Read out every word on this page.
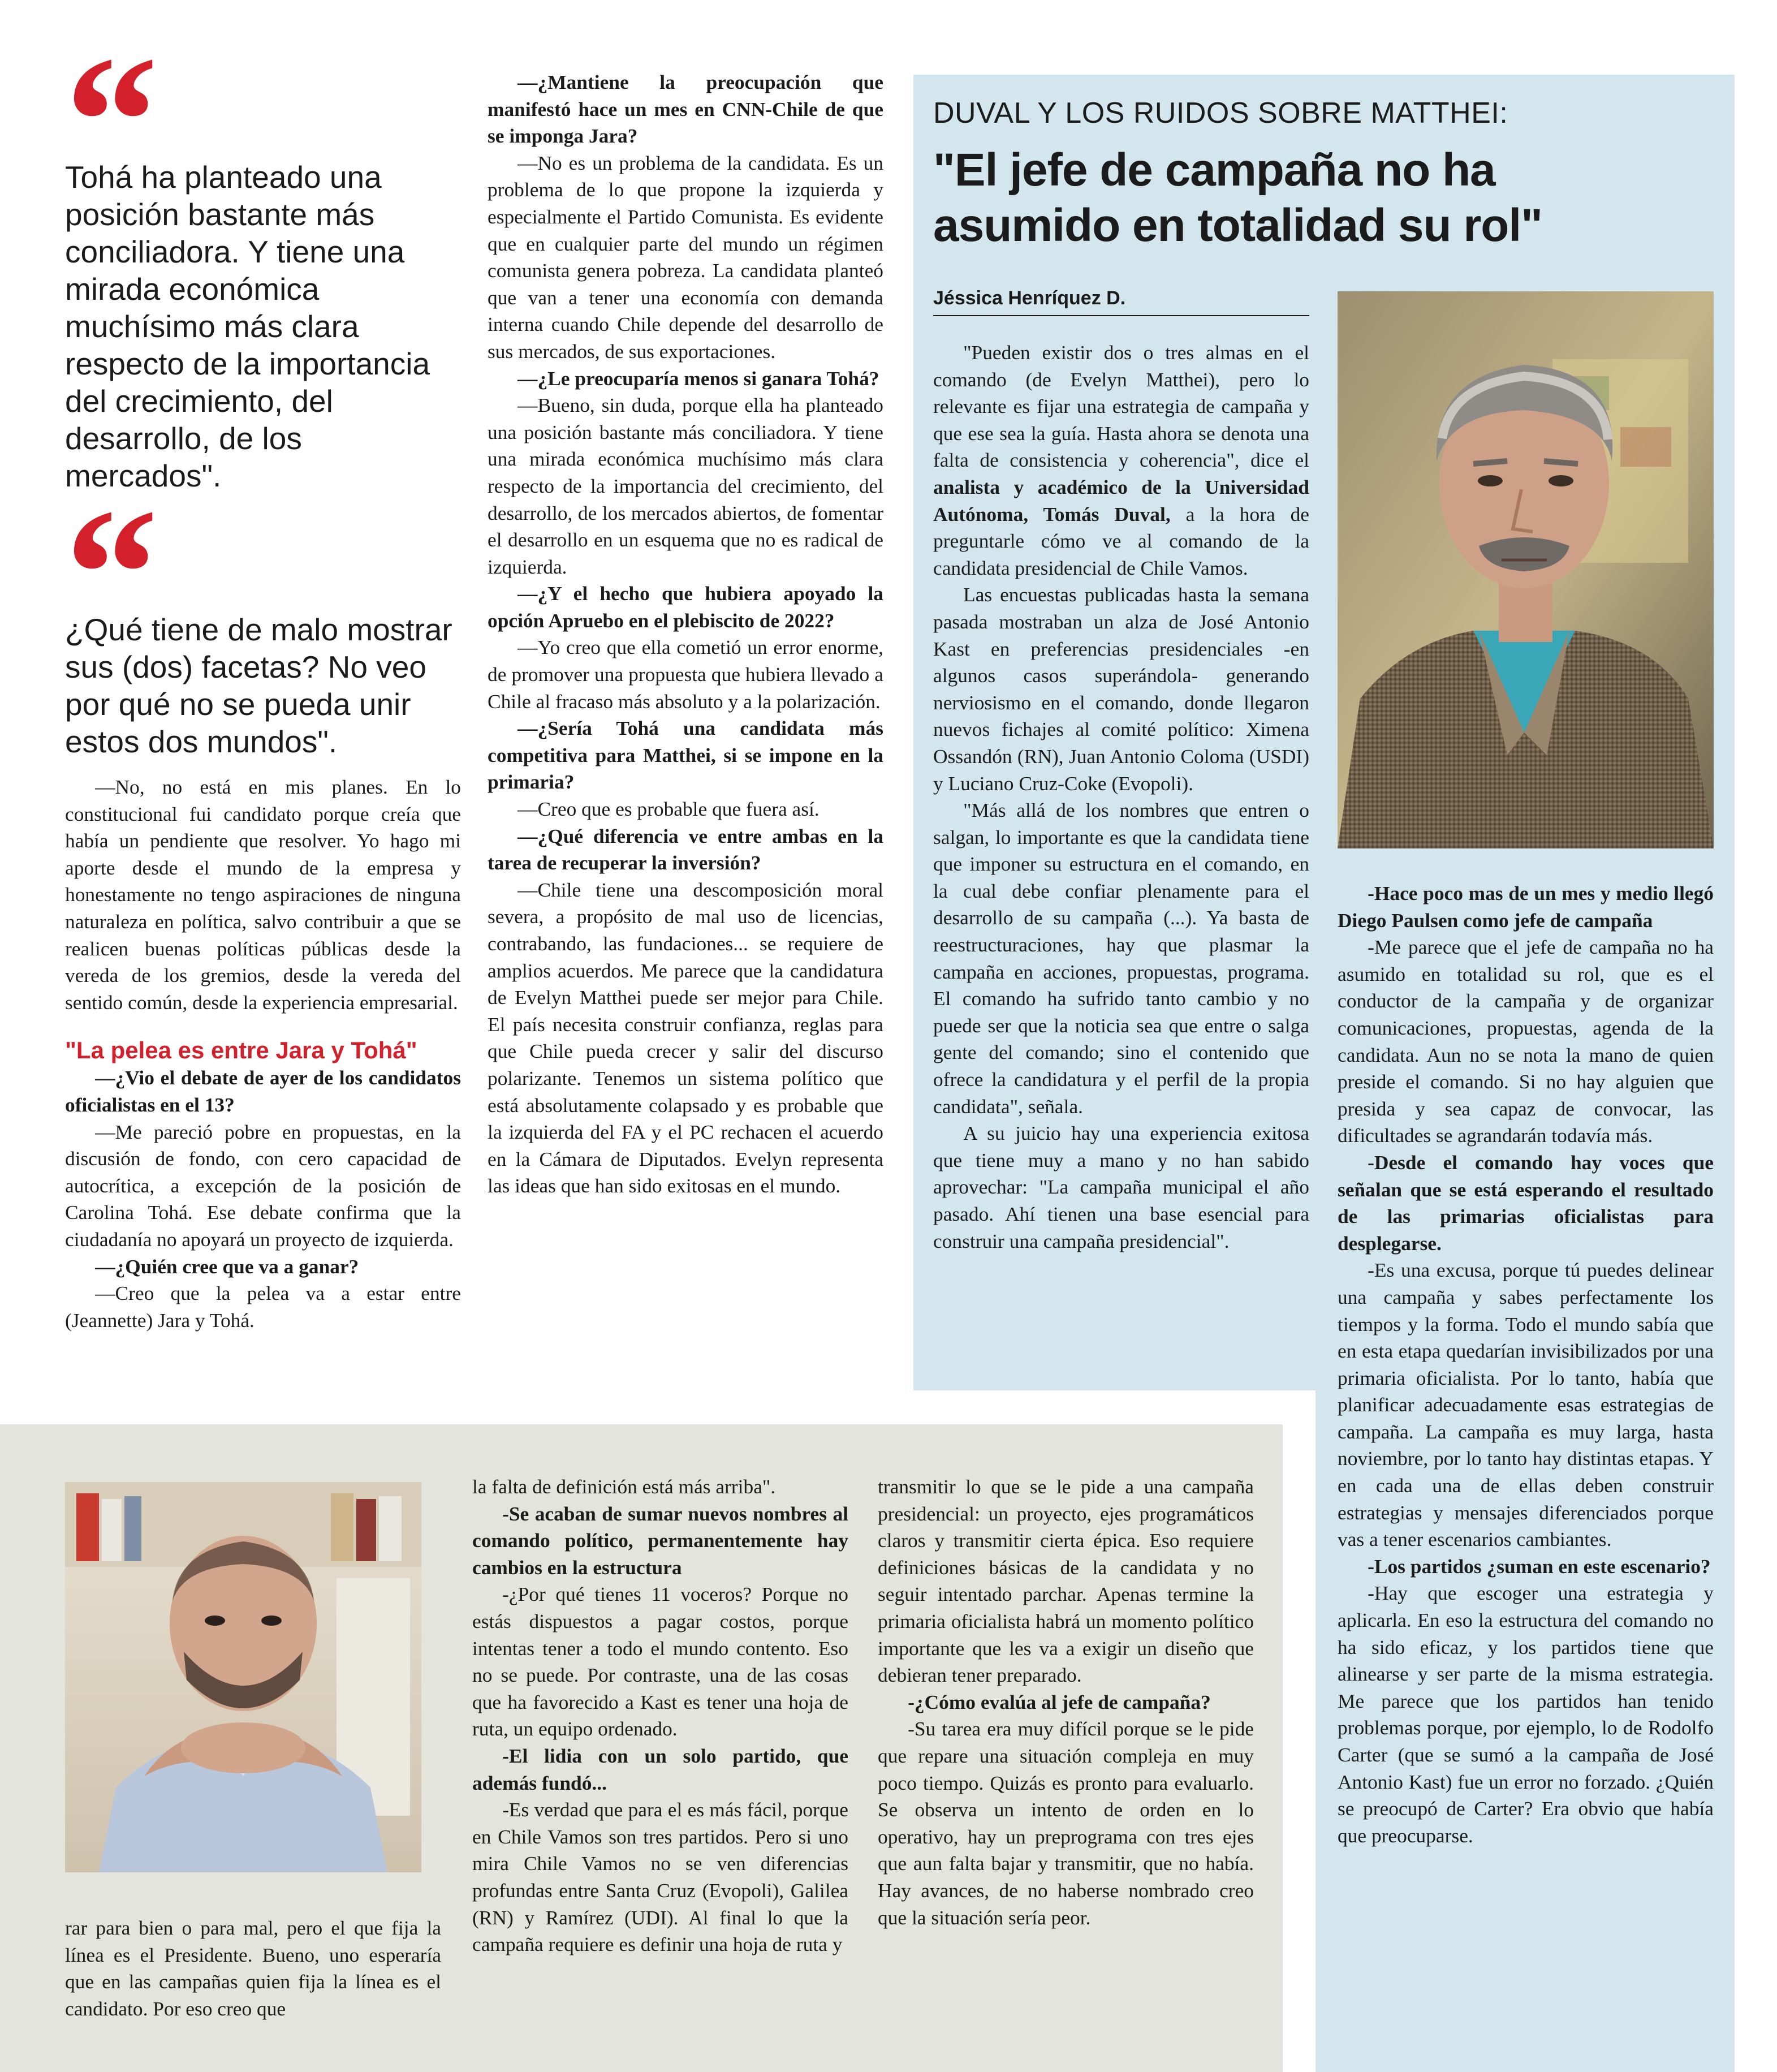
Tohá ha planteado una posición bastante más conciliadora. Y tiene una mirada económica muchísimo más clara respecto de la importancia del crecimiento, del desarrollo, de los mercados".
¿Qué tiene de malo mostrar sus (dos) facetas? No veo por qué no se pueda unir estos dos mundos".

—No, no está en mis planes. En lo constitucional fui candidato porque creía que había un pendiente que resolver. Yo hago mi aporte desde el mundo de la empresa y honestamente no tengo aspiraciones de ninguna naturaleza en política, salvo contribuir a que se realicen buenas políticas públicas desde la vereda de los gremios, desde la vereda del sentido común, desde la experiencia empresarial.

"La pelea es entre Jara y Tohá"

—¿Vio el debate de ayer de los candidatos oficialistas en el 13?

—Me pareció pobre en propuestas, en la discusión de fondo, con cero capacidad de autocrítica, a excepción de la posición de Carolina Tohá. Ese debate confirma que la ciudadanía no apoyará un proyecto de izquierda.

—¿Quién cree que va a ganar?

—Creo que la pelea va a estar entre (Jeannette) Jara y Tohá.

—¿Mantiene la preocupación que manifestó hace un mes en CNN-Chile de que se imponga Jara?

—No es un problema de la candidata. Es un problema de lo que propone la izquierda y especialmente el Partido Comunista. Es evidente que en cualquier parte del mundo un régimen comunista genera pobreza. La candidata planteó que van a tener una economía con demanda interna cuando Chile depende del desarrollo de sus mercados, de sus exportaciones.

—¿Le preocuparía menos si ganara Tohá?

—Bueno, sin duda, porque ella ha planteado una posición bastante más conciliadora. Y tiene una mirada económica muchísimo más clara respecto de la importancia del crecimiento, del desarrollo, de los mercados abiertos, de fomentar el desarrollo en un esquema que no es radical de izquierda.

—¿Y el hecho que hubiera apoyado la opción Apruebo en el plebiscito de 2022?

—Yo creo que ella cometió un error enorme, de promover una propuesta que hubiera llevado a Chile al fracaso más absoluto y a la polarización.

—¿Sería Tohá una candidata más competitiva para Matthei, si se impone en la primaria?

—Creo que es probable que fuera así.

—¿Qué diferencia ve entre ambas en la tarea de recuperar la inversión?

—Chile tiene una descomposición moral severa, a propósito de mal uso de licencias, contrabando, las fundaciones... se requiere de amplios acuerdos. Me parece que la candidatura de Evelyn Matthei puede ser mejor para Chile. El país necesita construir confianza, reglas para que Chile pueda crecer y salir del discurso polarizante. Tenemos un sistema político que está absolutamente colapsado y es probable que la izquierda del FA y el PC rechacen el acuerdo en la Cámara de Diputados. Evelyn representa las ideas que han sido exitosas en el mundo.

DUVAL Y LOS RUIDOS SOBRE MATTHEI:
"El jefe de campaña no ha asumido en totalidad su rol"
Jéssica Henríquez D.

"Pueden existir dos o tres almas en el comando (de Evelyn Matthei), pero lo relevante es fijar una estrategia de campaña y que ese sea la guía. Hasta ahora se denota una falta de consistencia y coherencia", dice el analista y académico de la Universidad Autónoma, Tomás Duval, a la hora de preguntarle cómo ve al comando de la candidata presidencial de Chile Vamos.

Las encuestas publicadas hasta la semana pasada mostraban un alza de José Antonio Kast en preferencias presidenciales -en algunos casos superándola- generando nerviosismo en el comando, donde llegaron nuevos fichajes al comité político: Ximena Ossandón (RN), Juan Antonio Coloma (USDI) y Luciano Cruz-Coke (Evopoli).

"Más allá de los nombres que entren o salgan, lo importante es que la candidata tiene que imponer su estructura en el comando, en la cual debe confiar plenamente para el desarrollo de su campaña (...). Ya basta de reestructuraciones, hay que plasmar la campaña en acciones, propuestas, programa. El comando ha sufrido tanto cambio y no puede ser que la noticia sea que entre o salga gente del comando; sino el contenido que ofrece la candidatura y el perfil de la propia candidata", señala.

A su juicio hay una experiencia exitosa que tiene muy a mano y no han sabido aprovechar: "La campaña municipal el año pasado. Ahí tienen una base esencial para construir una campaña presidencial".

-Hace poco mas de un mes y medio llegó Diego Paulsen como jefe de campaña

-Me parece que el jefe de campaña no ha asumido en totalidad su rol, que es el conductor de la campaña y de organizar comunicaciones, propuestas, agenda de la candidata. Aun no se nota la mano de quien preside el comando. Si no hay alguien que presida y sea capaz de convocar, las dificultades se agrandarán todavía más.

-Desde el comando hay voces que señalan que se está esperando el resultado de las primarias oficialistas para desplegarse.

-Es una excusa, porque tú puedes delinear una campaña y sabes perfectamente los tiempos y la forma. Todo el mundo sabía que en esta etapa quedarían invisibilizados por una primaria oficialista. Por lo tanto, había que planificar adecuadamente esas estrategias de campaña. La campaña es muy larga, hasta noviembre, por lo tanto hay distintas etapas. Y en cada una de ellas deben construir estrategias y mensajes diferenciados porque vas a tener escenarios cambiantes.

-Los partidos ¿suman en este escenario?

-Hay que escoger una estrategia y aplicarla. En eso la estructura del comando no ha sido eficaz, y los partidos tiene que alinearse y ser parte de la misma estrategia. Me parece que los partidos han tenido problemas porque, por ejemplo, lo de Rodolfo Carter (que se sumó a la campaña de José Antonio Kast) fue un error no forzado. ¿Quién se preocupó de Carter? Era obvio que había que preocuparse.

rar para bien o para mal, pero el que fija la línea es el Presidente. Bueno, uno esperaría que en las campañas quien fija la línea es el candidato. Por eso creo que

la falta de definición está más arriba".

-Se acaban de sumar nuevos nombres al comando político, permanentemente hay cambios en la estructura

-¿Por qué tienes 11 voceros? Porque no estás dispuestos a pagar costos, porque intentas tener a todo el mundo contento. Eso no se puede. Por contraste, una de las cosas que ha favorecido a Kast es tener una hoja de ruta, un equipo ordenado.

-El lidia con un solo partido, que además fundó...

-Es verdad que para el es más fácil, porque en Chile Vamos son tres partidos. Pero si uno mira Chile Vamos no se ven diferencias profundas entre Santa Cruz (Evopoli), Galilea (RN) y Ramírez (UDI). Al final lo que la campaña requiere es definir una hoja de ruta y

transmitir lo que se le pide a una campaña presidencial: un proyecto, ejes programáticos claros y transmitir cierta épica. Eso requiere definiciones básicas de la candidata y no seguir intentado parchar. Apenas termine la primaria oficialista habrá un momento político importante que les va a exigir un diseño que debieran tener preparado.

-¿Cómo evalúa al jefe de campaña?

-Su tarea era muy difícil porque se le pide que repare una situación compleja en muy poco tiempo. Quizás es pronto para evaluarlo. Se observa un intento de orden en lo operativo, hay un preprograma con tres ejes que aun falta bajar y transmitir, que no había. Hay avances, de no haberse nombrado creo que la situación sería peor.
